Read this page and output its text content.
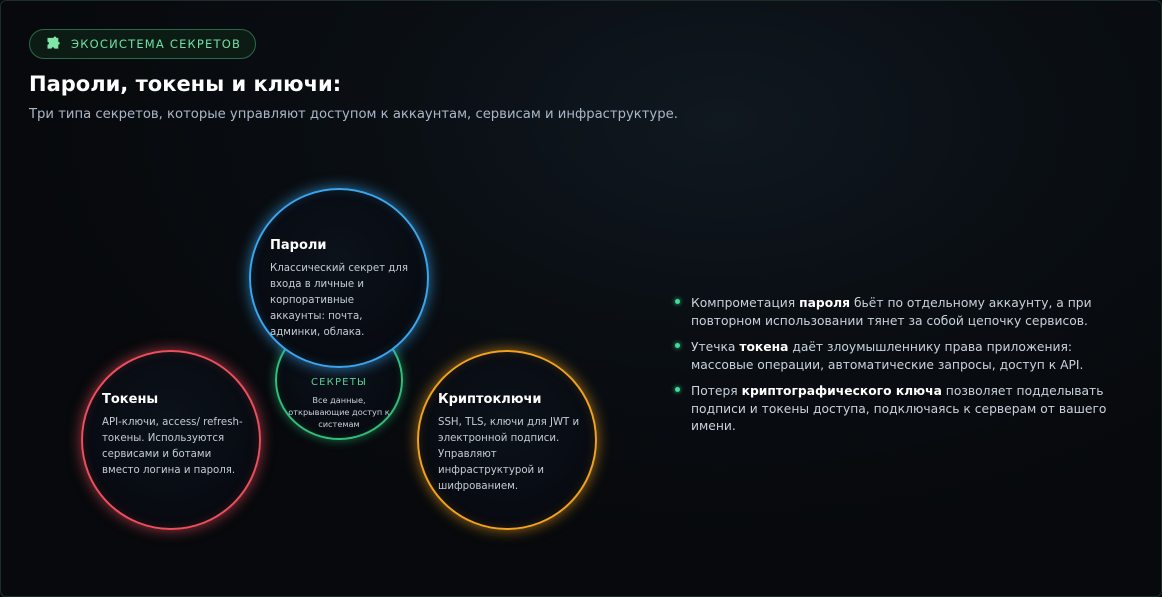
ЭКОСИСТЕМА СЕКРЕТОВ
Пароли, токены и ключи:

Три типа секретов, которые управляют доступом к аккаунтам, сервисам и инфраструктуре.

СЕКРЕТЫ
Все данные, открывающие доступ к системам
Пароли

Классический секрет для входа в личные и корпоративные аккаунты: почта, админки, облака.

Токены

API-ключи, access/ refresh-токены. Используются сервисами и ботами вместо логина и пароля.

Криптоключи

SSH, TLS, ключи для JWT и электронной подписи. Управляют инфраструктурой и шифрованием.

Компрометация пароля бьёт по отдельному аккаунту, а при повторном использовании тянет за собой цепочку сервисов.
Утечка токена даёт злоумышленнику права приложения: массовые операции, автоматические запросы, доступ к API.
Потеря криптографического ключа позволяет подделывать подписи и токены доступа, подключаясь к серверам от вашего имени.
